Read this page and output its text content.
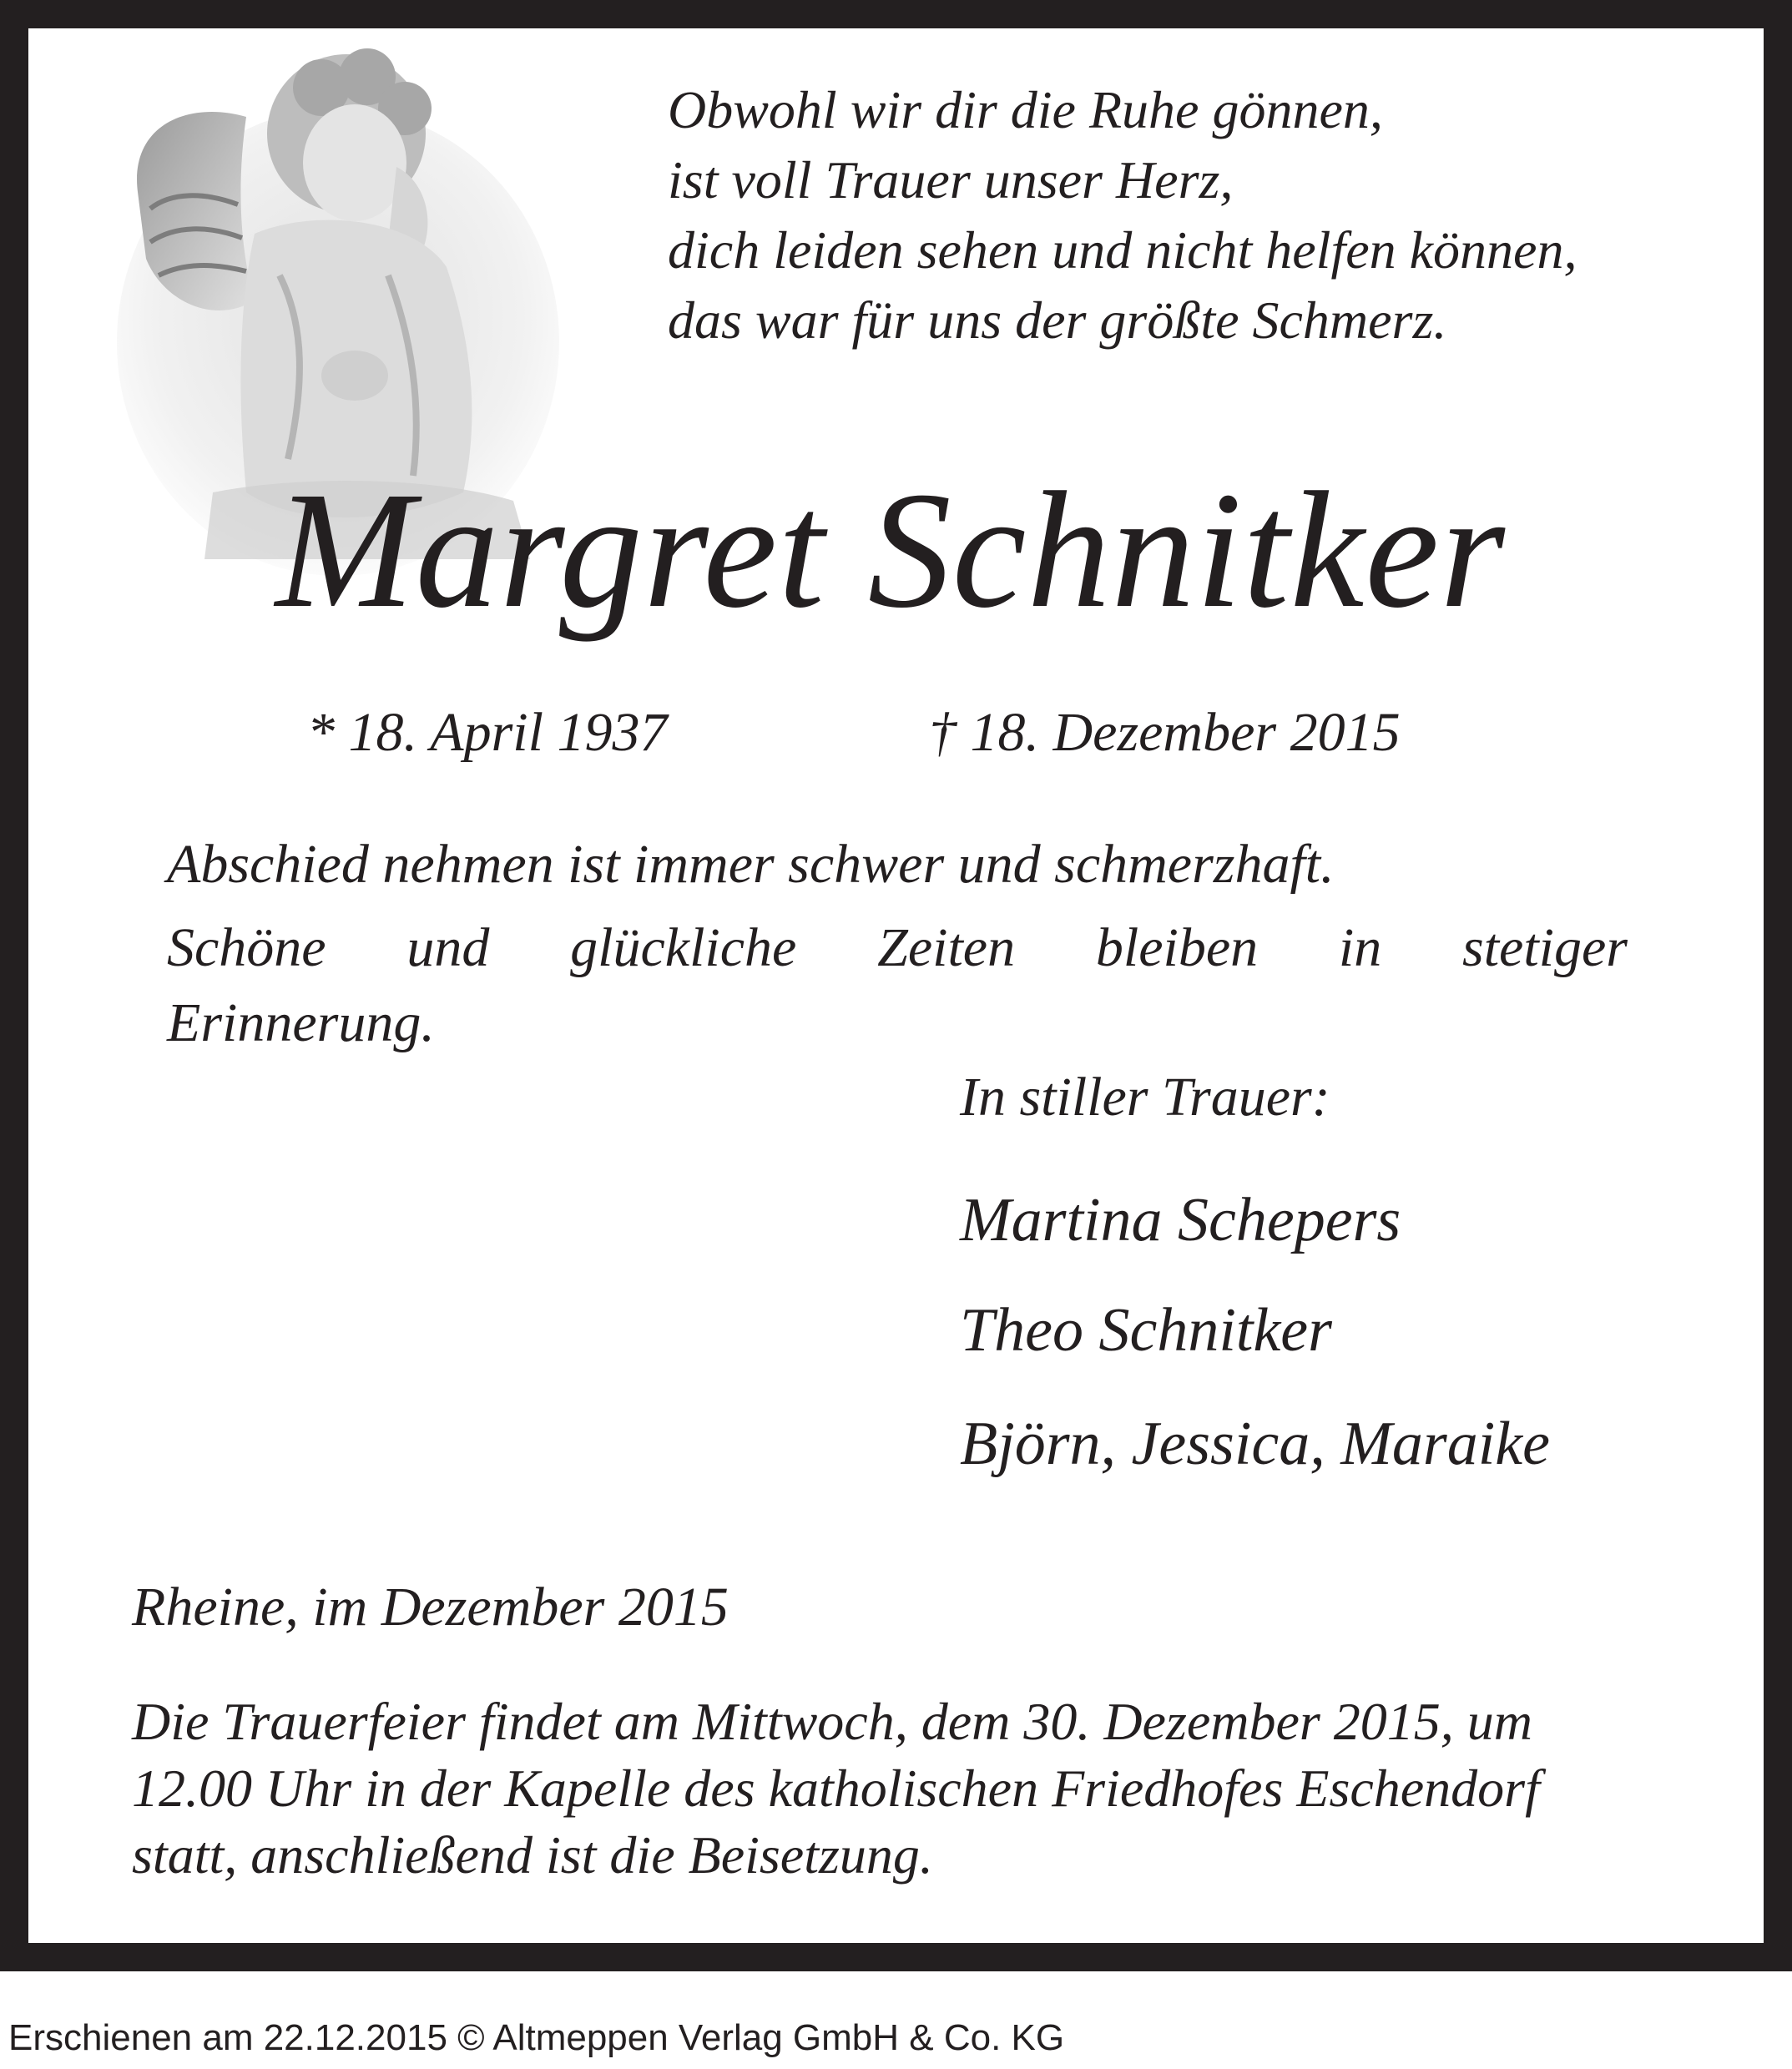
Obwohl wir dir die Ruhe gönnen,
ist voll Trauer unser Herz,
dich leiden sehen und nicht helfen können,
das war für uns der größte Schmerz.
Margret Schnitker
* 18. April 1937	† 18. Dezember 2015
Abschied nehmen ist immer schwer und schmerzhaft.
Schöne und glückliche Zeiten bleiben in stetiger
Erinnerung.
In stiller Trauer:
Martina Schepers
Theo Schnitker
Björn, Jessica, Maraike
Rheine, im Dezember 2015
Die Trauerfeier findet am Mittwoch, dem 30. Dezember 2015, um
12.00 Uhr in der Kapelle des katholischen Friedhofes Eschendorf
statt, anschließend ist die Beisetzung.

Erschienen am 22.12.2015 © Altmeppen Verlag GmbH & Co. KG
